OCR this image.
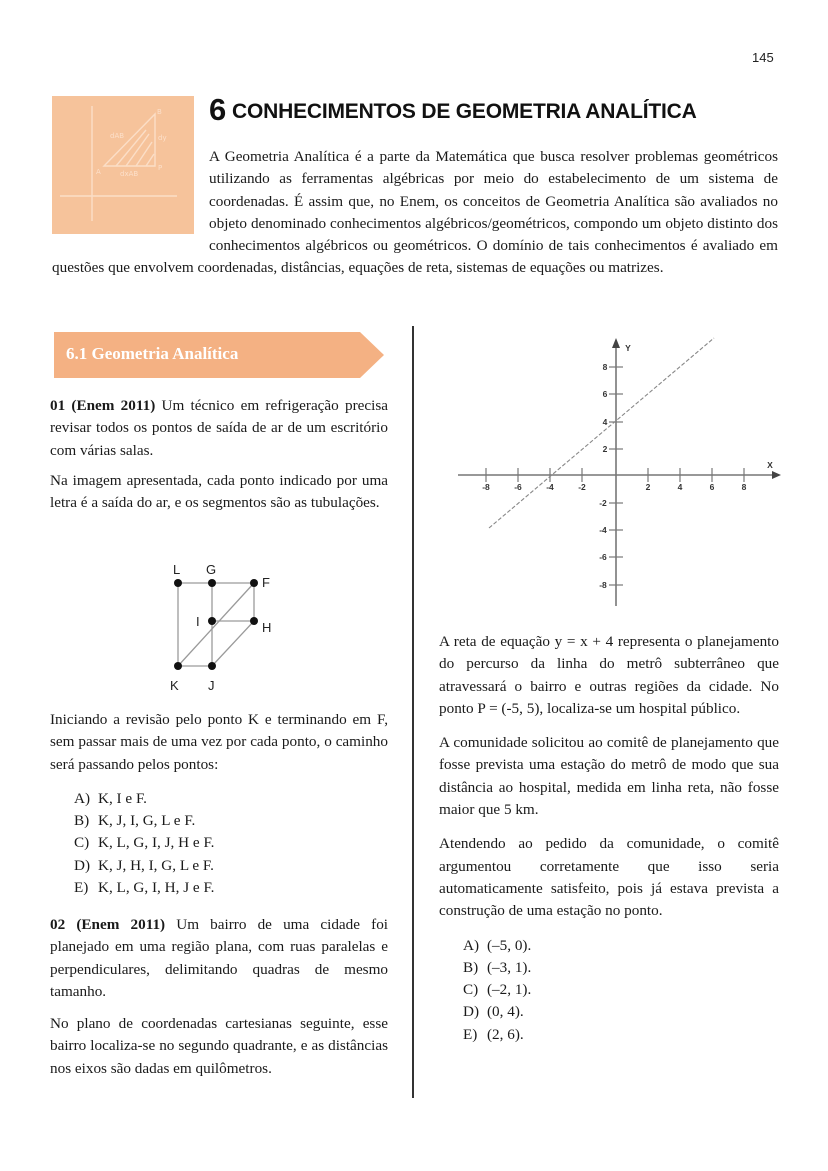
145
dAB	dy
dxAB
A	P
B 6 CONHECIMENTOS DE GEOMETRIA ANALÍTICA
A Geometria Analítica é a parte da Matemática que busca resolver problemas geométricos utilizando as ferramentas algébricas por meio do estabelecimento de um sistema de coordenadas. É assim que, no Enem, os conceitos de Geometria Analítica são avaliados no objeto denominado conhecimentos algébricos/geométricos, compondo um objeto distinto dos conhecimentos algébricos ou geométricos. O domínio de tais conhecimentos é avaliado em questões que envolvem coordenadas, distâncias, equações de reta, sistemas de equações ou matrizes.
6.1 Geometria Analítica

01 (Enem 2011) Um técnico em refrigeração precisa revisar todos os pontos de saída de ar de um escritório com várias salas.

Na imagem apresentada, cada ponto indicado por uma letra é a saída do ar, e os segmentos são as tubulações.

L G
F
I	H
K J

Iniciando a revisão pelo ponto K e terminando em F, sem passar mais de uma vez por cada ponto, o caminho será passando pelos pontos:

A) K, I e F.
B) K, J, I, G, L e F.
C) K, L, G, I, J, H e F.
D) K, J, H, I, G, L e F.
E) K, L, G, I, H, J e F.

02 (Enem 2011) Um bairro de uma cidade foi planejado em uma região plana, com ruas paralelas e perpendiculares, delimitando quadras de mesmo tamanho.

No plano de coordenadas cartesianas seguinte, esse bairro localiza-se no segundo quadrante, e as distâncias nos eixos são dadas em quilômetros.

-8	-6	-4	-2	2	4	6	8
8
6
4
2
-2
-4
-6
-8
X
Y

A reta de equação y = x + 4 representa o planejamento do percurso da linha do metrô subterrâneo que atravessará o bairro e outras regiões da cidade. No ponto P = (-5, 5), localiza-se um hospital público.

A comunidade solicitou ao comitê de planejamento que fosse prevista uma estação do metrô de modo que sua distância ao hospital, medida em linha reta, não fosse maior que 5 km.

Atendendo ao pedido da comunidade, o comitê argumentou corretamente que isso seria automaticamente satisfeito, pois já estava prevista a construção de uma estação no ponto.

A) (–5, 0).
B) (–3, 1).
C) (–2, 1).
D) (0, 4).
E) (2, 6).
